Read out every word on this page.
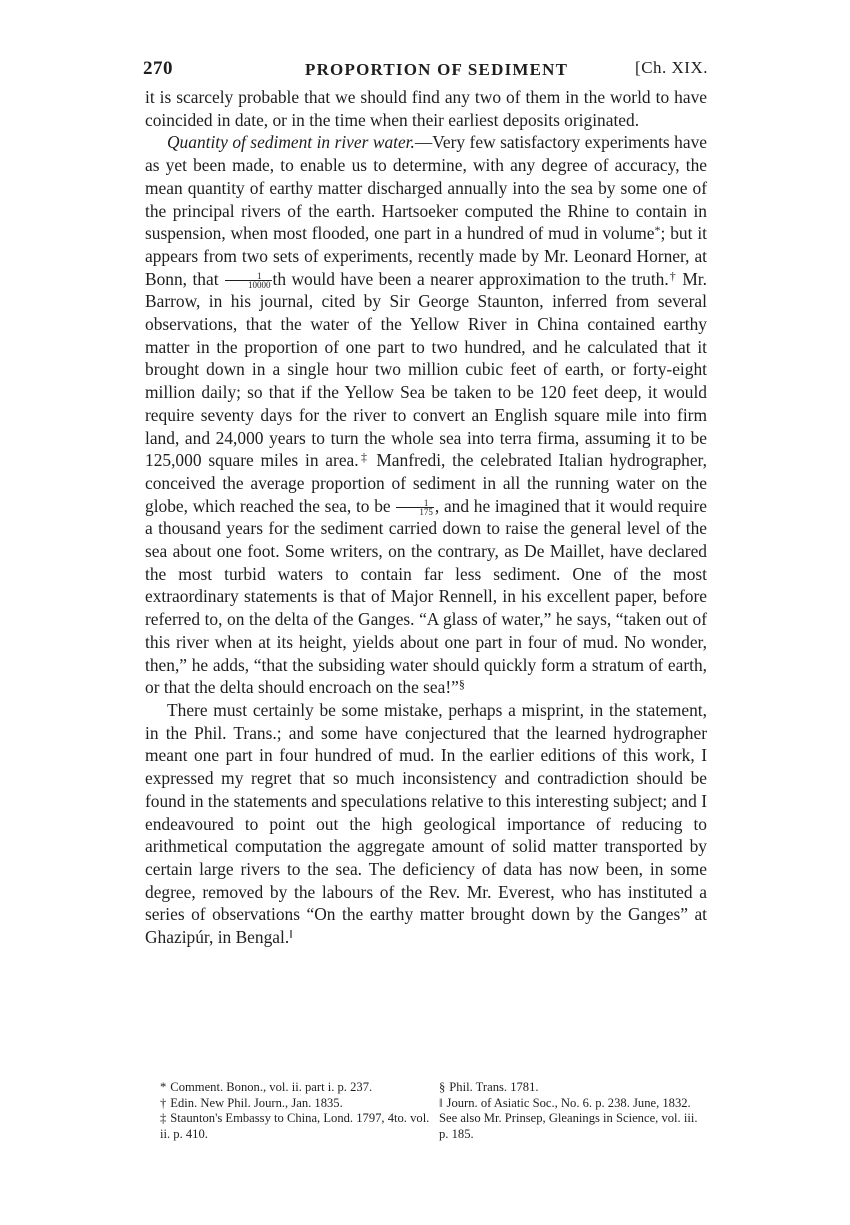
270	PROPORTION OF SEDIMENT	[Ch. XIX.

it is scarcely probable that we should find any two of them in the world to have coincided in date, or in the time when their earliest deposits originated.

Quantity of sediment in river water.—Very few satisfactory experiments have as yet been made, to enable us to determine, with any degree of accuracy, the mean quantity of earthy matter discharged annually into the sea by some one of the principal rivers of the earth. Hartsoeker computed the Rhine to contain in suspension, when most flooded, one part in a hundred of mud in volume*; but it appears from two sets of experiments, recently made by Mr. Leonard Horner, at Bonn, that $\frac{1}{10000}$ th would have been a nearer approximation to the truth.† Mr. Barrow, in his journal, cited by Sir George Staunton, inferred from several observations, that the water of the Yellow River in China contained earthy matter in the proportion of one part to two hundred, and he calculated that it brought down in a single hour two million cubic feet of earth, or forty-eight million daily; so that if the Yellow Sea be taken to be 120 feet deep, it would require seventy days for the river to convert an English square mile into firm land, and 24,000 years to turn the whole sea into terra firma, assuming it to be 125,000 square miles in area.‡ Manfredi, the celebrated Italian hydrographer, conceived the average proportion of sediment in all the running water on the globe, which reached the sea, to be $\frac{1}{175}$ , and he imagined that it would require a thousand years for the sediment carried down to raise the general level of the sea about one foot. Some writers, on the contrary, as De Maillet, have declared the most turbid waters to contain far less sediment. One of the most extraordinary statements is that of Major Rennell, in his excellent paper, before referred to, on the delta of the Ganges. “A glass of water,” he says, “taken out of this river when at its height, yields about one part in four of mud. No wonder, then,” he adds, “that the subsiding water should quickly form a stratum of earth, or that the delta should encroach on the sea!”§

There must certainly be some mistake, perhaps a misprint, in the statement, in the Phil. Trans.; and some have conjectured that the learned hydrographer meant one part in four hundred of mud. In the earlier editions of this work, I expressed my regret that so much inconsistency and contradiction should be found in the statements and speculations relative to this interesting subject; and I endeavoured to point out the high geological importance of reducing to arithmetical computation the aggregate amount of solid matter transported by certain large rivers to the sea. The deficiency of data has now been, in some degree, removed by the labours of the Rev. Mr. Everest, who has instituted a series of observations “On the earthy matter brought down by the Ganges” at Ghazipúr, in Bengal.‖

* Comment. Bonon., vol. ii. part i. p. 237.

† Edin. New Phil. Journ., Jan. 1835.

‡ Staunton's Embassy to China, Lond. 1797, 4to. vol. ii. p. 410.

§ Phil. Trans. 1781.

‖ Journ. of Asiatic Soc., No. 6. p. 238. June, 1832. See also Mr. Prinsep, Gleanings in Science, vol. iii. p. 185.
